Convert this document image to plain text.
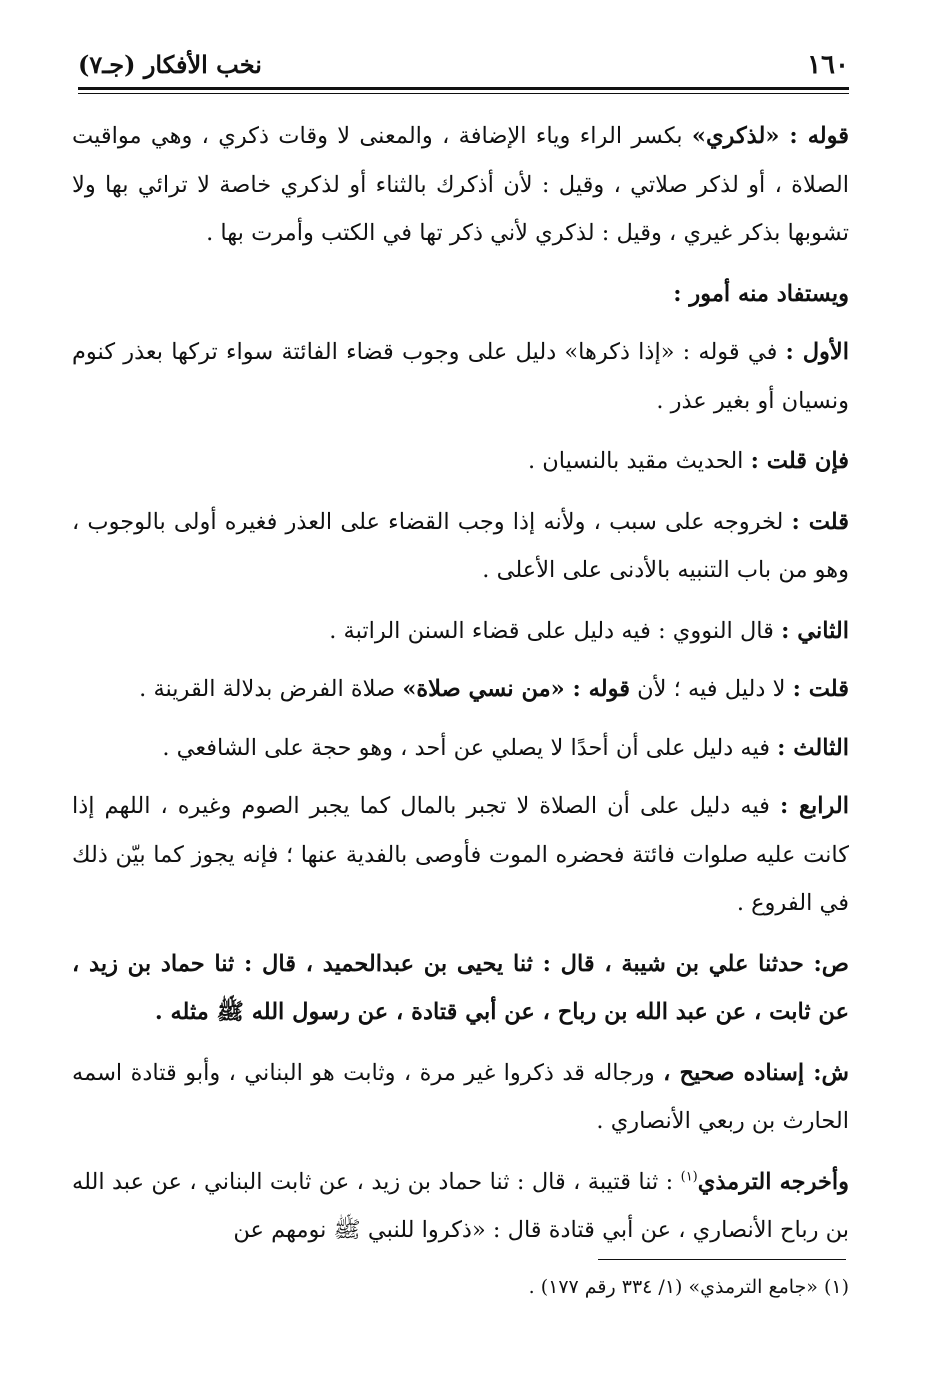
١٦٠
نخب الأفكار (جـ٧)

قوله : «لذكري» بكسر الراء وياء الإضافة ، والمعنى لا وقات ذكري ، وهي مواقيت الصلاة ، أو لذكر صلاتي ، وقيل : لأن أذكرك بالثناء أو لذكري خاصة لا ترائي بها ولا تشوبها بذكر غيري ، وقيل : لذكري لأني ذكر تها في الكتب وأمرت بها .

ويستفاد منه أمور :

الأول : في قوله : «إذا ذكرها» دليل على وجوب قضاء الفائتة سواء تركها بعذر كنوم ونسيان أو بغير عذر .

فإن قلت : الحديث مقيد بالنسيان .

قلت : لخروجه على سبب ، ولأنه إذا وجب القضاء على العذر فغيره أولى بالوجوب ، وهو من باب التنبيه بالأدنى على الأعلى .

الثاني : قال النووي : فيه دليل على قضاء السنن الراتبة .

قلت : لا دليل فيه ؛ لأن قوله : «من نسي صلاة» صلاة الفرض بدلالة القرينة .

الثالث : فيه دليل على أن أحدًا لا يصلي عن أحد ، وهو حجة على الشافعي .

الرابع : فيه دليل على أن الصلاة لا تجبر بالمال كما يجبر الصوم وغيره ، اللهم إذا كانت عليه صلوات فائتة فحضره الموت فأوصى بالفدية عنها ؛ فإنه يجوز كما بيّن ذلك في الفروع .

ص: حدثنا علي بن شيبة ، قال : ثنا يحيى بن عبدالحميد ، قال : ثنا حماد بن زيد ، عن ثابت ، عن عبد الله بن رباح ، عن أبي قتادة ، عن رسول الله ﷺ مثله .

ش: إسناده صحيح ، ورجاله قد ذكروا غير مرة ، وثابت هو البناني ، وأبو قتادة اسمه الحارث بن ربعي الأنصاري .

وأخرجه الترمذي$^{(١)}$ : ثنا قتيبة ، قال : ثنا حماد بن زيد ، عن ثابت البناني ، عن عبد الله بن رباح الأنصاري ، عن أبي قتادة قال : «ذكروا للنبي ﷺ نومهم عن

(١) «جامع الترمذي» (١/ ٣٣٤ رقم ١٧٧) .
